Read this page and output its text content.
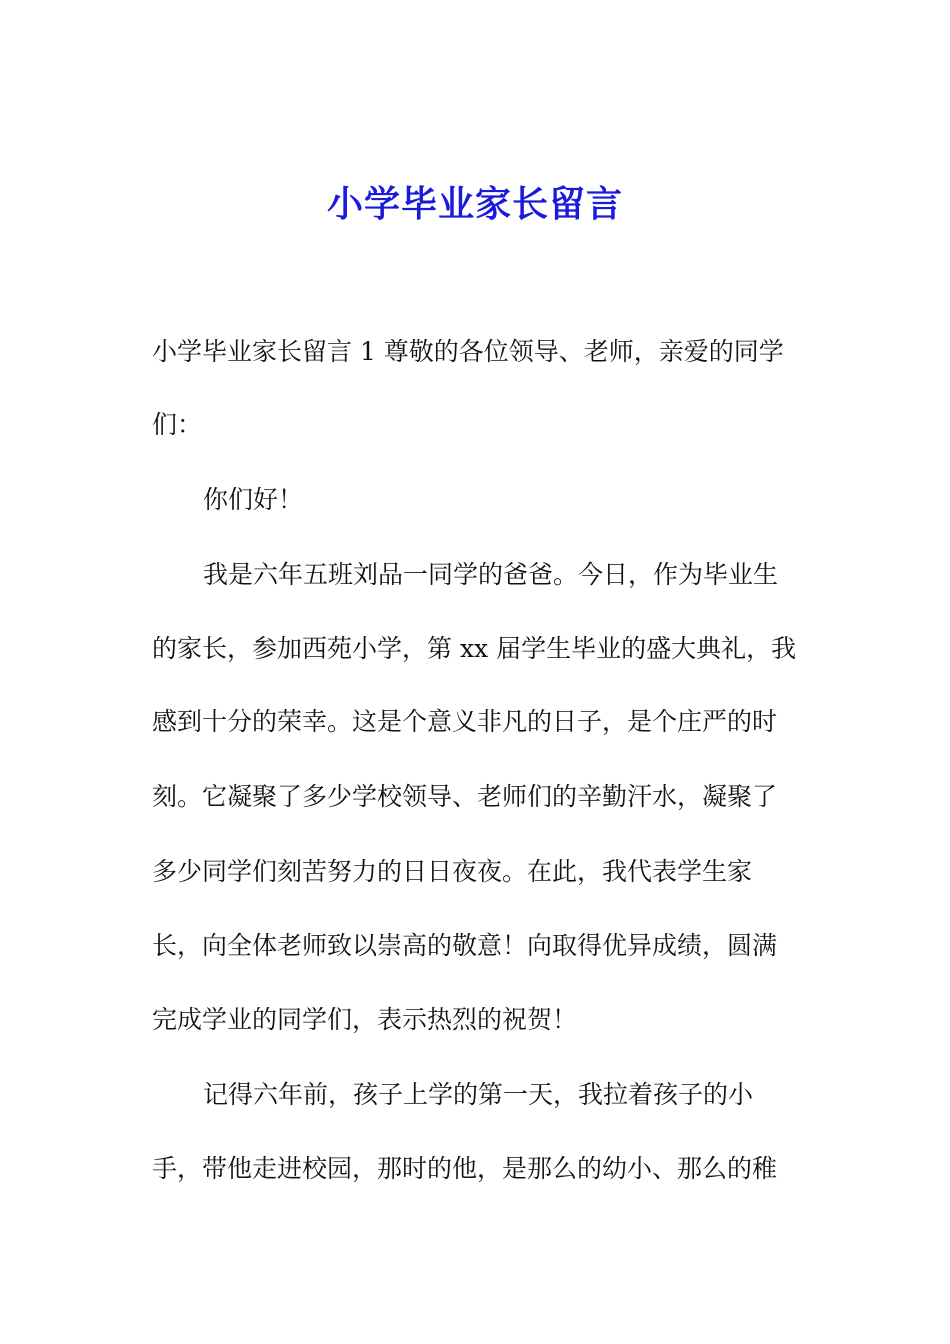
小学毕业家长留言

小学毕业家长留言 1 尊敬的各位领导、老师，亲爱的同学

们：

你们好！

我是六年五班刘品一同学的爸爸。今日，作为毕业生

的家长，参加西苑小学，第 xx 届学生毕业的盛大典礼，我

感到十分的荣幸。这是个意义非凡的日子，是个庄严的时

刻。它凝聚了多少学校领导、老师们的辛勤汗水，凝聚了

多少同学们刻苦努力的日日夜夜。在此，我代表学生家

长，向全体老师致以崇高的敬意！向取得优异成绩，圆满

完成学业的同学们，表示热烈的祝贺！

记得六年前，孩子上学的第一天，我拉着孩子的小

手，带他走进校园，那时的他，是那么的幼小、那么的稚
